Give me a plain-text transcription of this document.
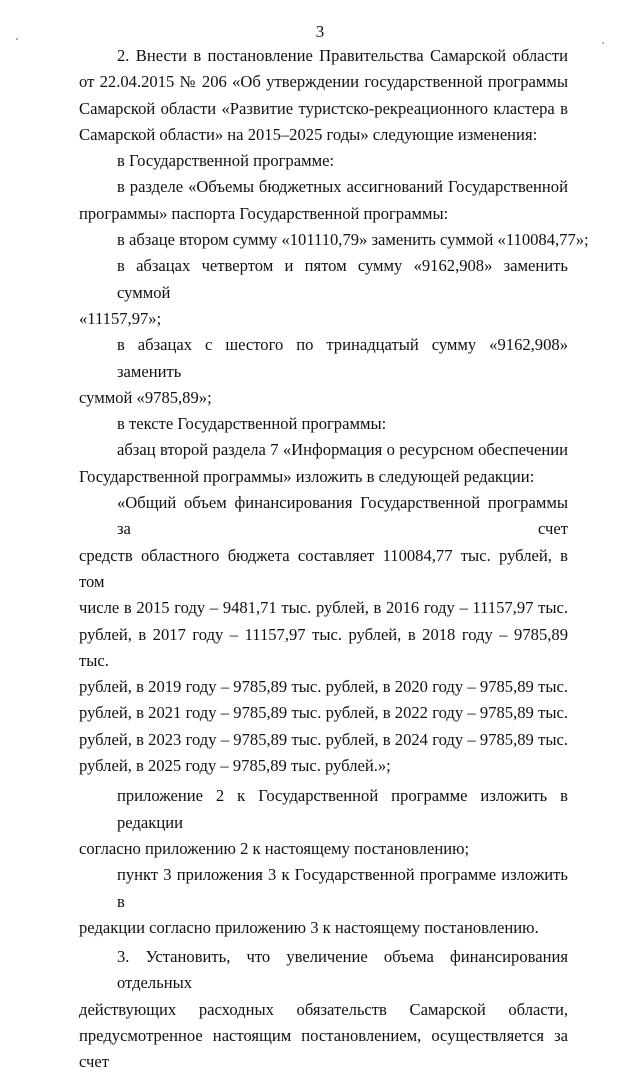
3
2. Внести в постановление Правительства Самарской области
от 22.04.2015 № 206 «Об утверждении государственной программы
Самарской области «Развитие туристско-рекреационного кластера в
Самарской области» на 2015–2025 годы» следующие изменения:
в Государственной программе:
в разделе «Объемы бюджетных ассигнований Государственной
программы» паспорта Государственной программы:
в абзаце втором сумму «101110,79» заменить суммой «110084,77»;
в абзацах четвертом и пятом сумму «9162,908» заменить суммой
«11157,97»;
в абзацах с шестого по тринадцатый сумму «9162,908» заменить
суммой «9785,89»;
в тексте Государственной программы:
абзац второй раздела 7 «Информация о ресурсном обеспечении
Государственной программы» изложить в следующей редакции:
«Общий объем финансирования Государственной программы за счет
средств областного бюджета составляет 110084,77 тыс. рублей, в том
числе в 2015 году – 9481,71 тыс. рублей, в 2016 году – 11157,97 тыс.
рублей, в 2017 году – 11157,97 тыс. рублей, в 2018 году – 9785,89 тыс.
рублей, в 2019 году – 9785,89 тыс. рублей, в 2020 году – 9785,89 тыс.
рублей, в 2021 году – 9785,89 тыс. рублей, в 2022 году – 9785,89 тыс.
рублей, в 2023 году – 9785,89 тыс. рублей, в 2024 году – 9785,89 тыс.
рублей, в 2025 году – 9785,89 тыс. рублей.»;
приложение 2 к Государственной программе изложить в редакции
согласно приложению 2 к настоящему постановлению;
пункт 3 приложения 3 к Государственной программе изложить в
редакции согласно приложению 3 к настоящему постановлению.
3. Установить, что увеличение объема финансирования отдельных
действующих расходных обязательств Самарской области,
предусмотренное настоящим постановлением, осуществляется за счет
